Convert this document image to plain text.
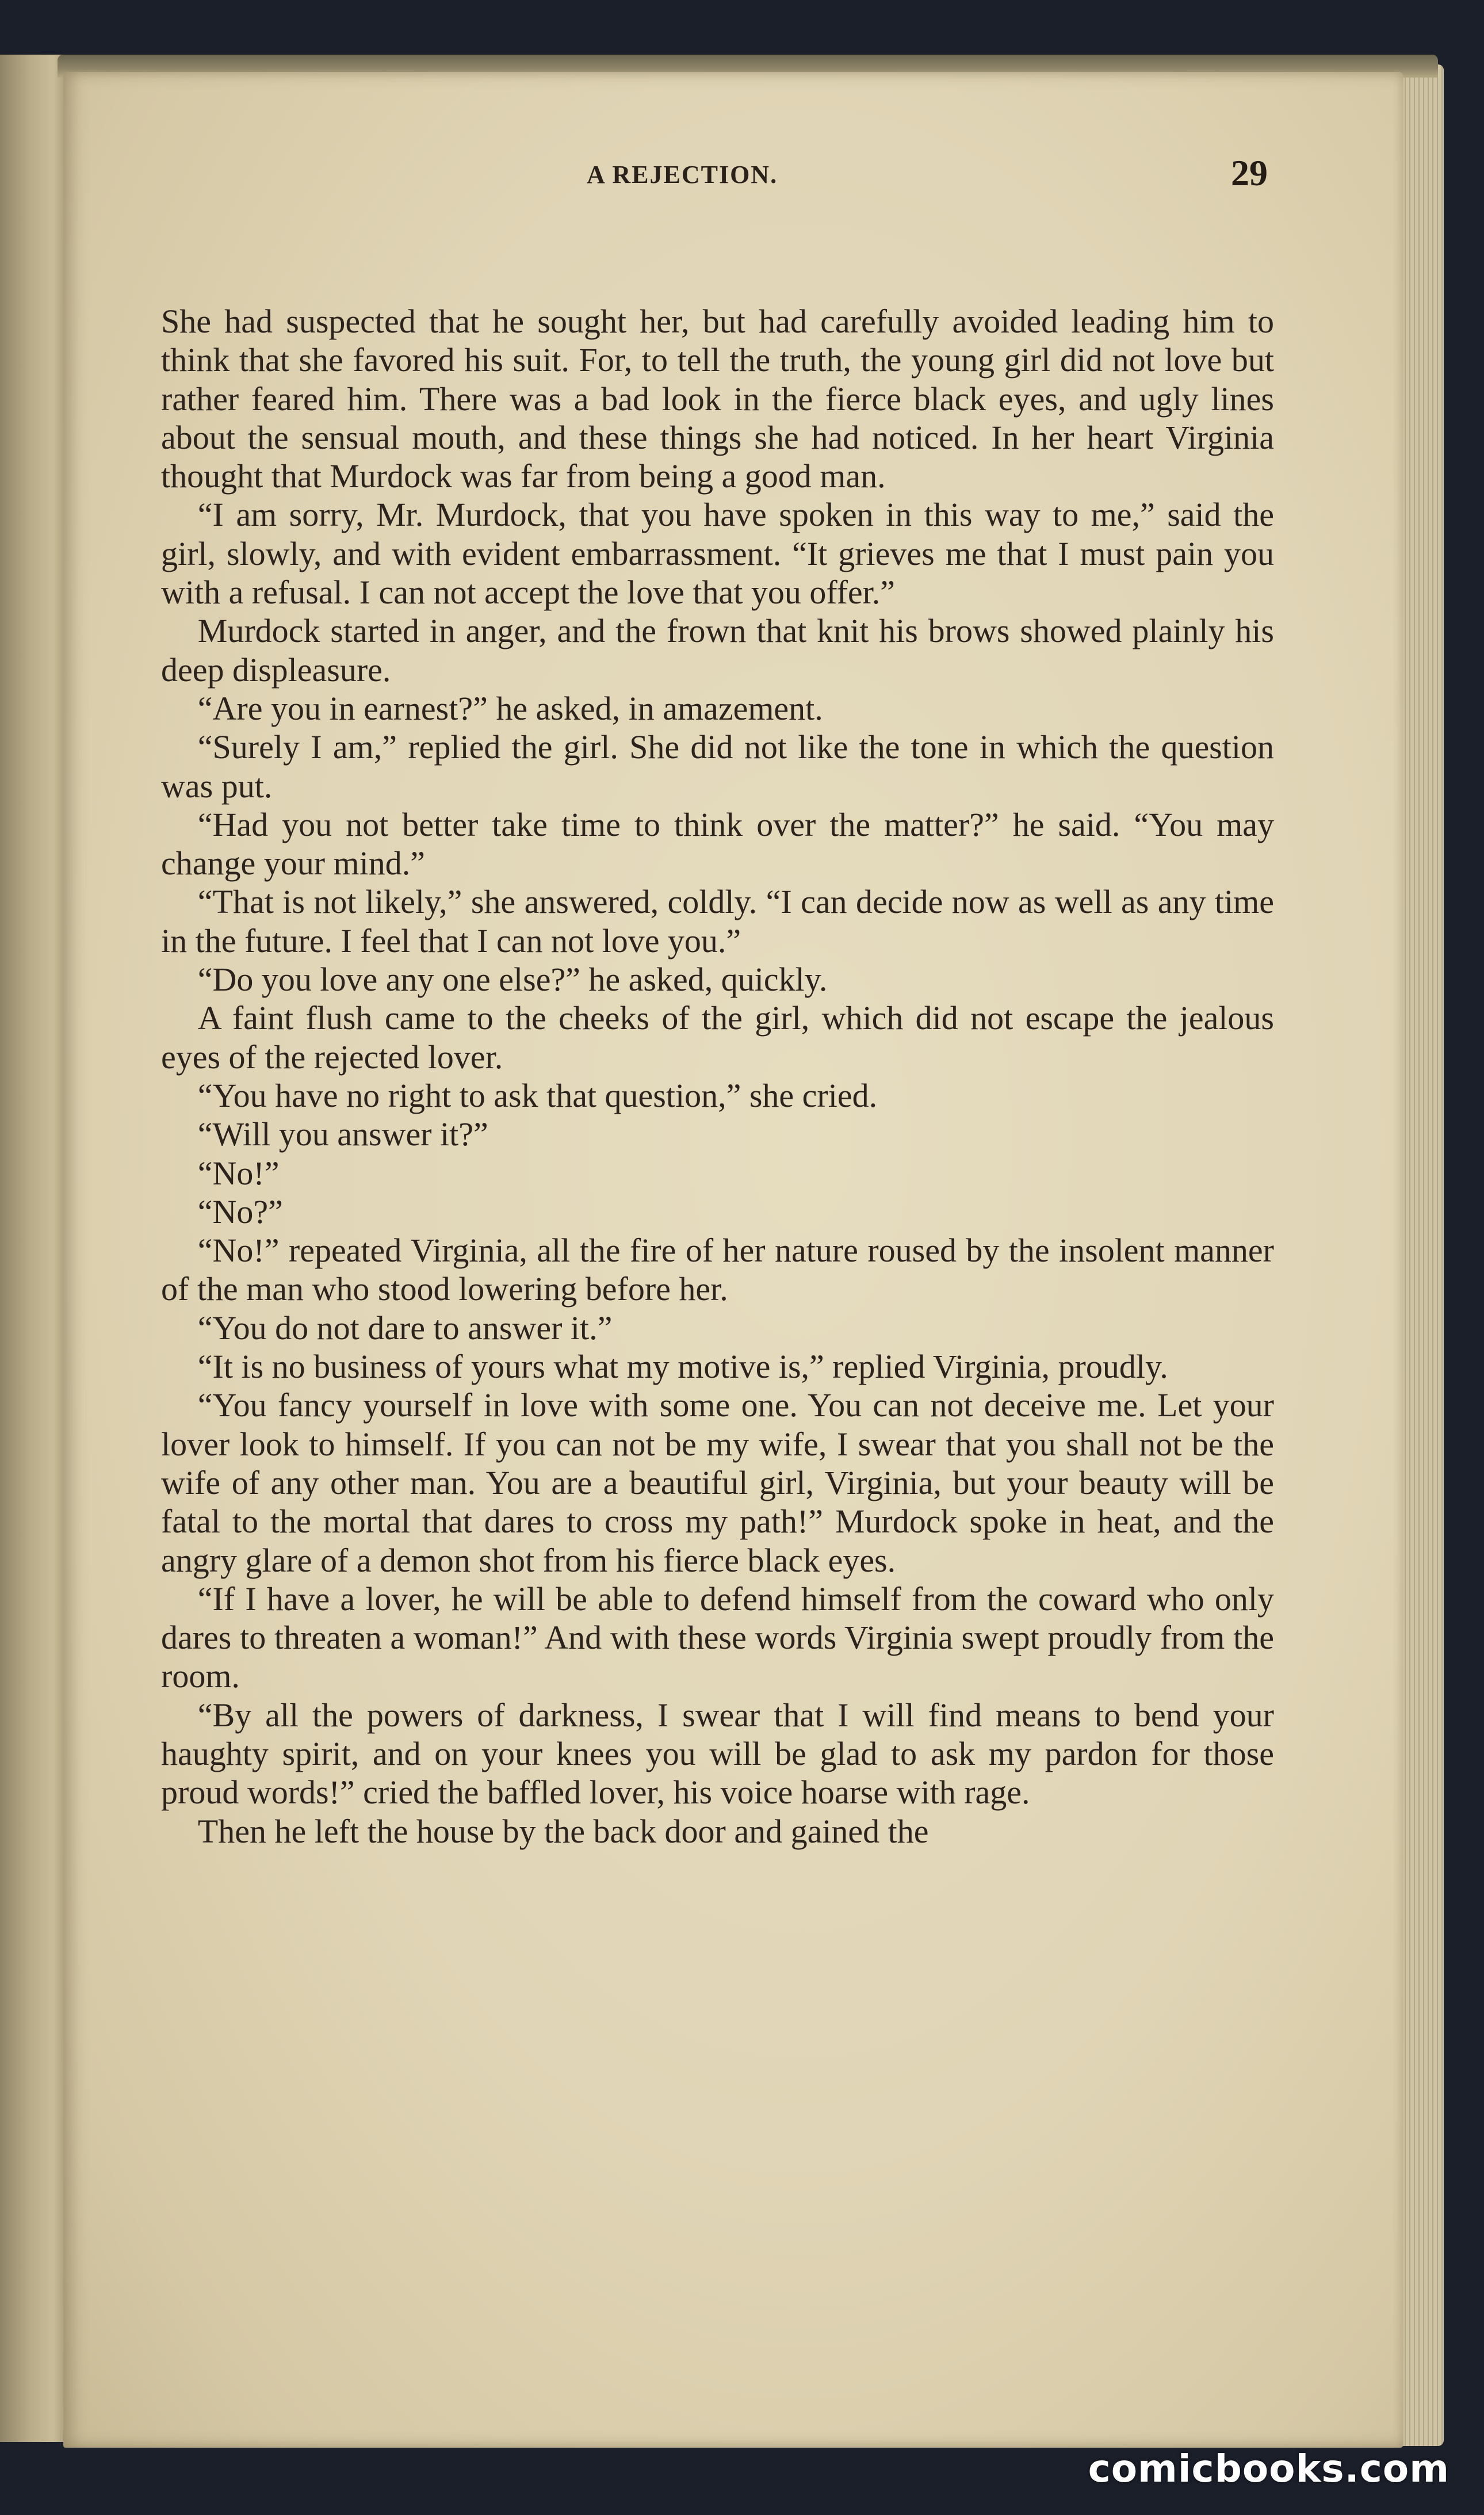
A REJECTION.	29

She had suspected that he sought her, but had carefully avoided leading him to think that she favored his suit. For, to tell the truth, the young girl did not love but rather feared him. There was a bad look in the fierce black eyes, and ugly lines about the sensual mouth, and these things she had noticed. In her heart Virginia thought that Murdock was far from being a good man.

“I am sorry, Mr. Murdock, that you have spoken in this way to me,” said the girl, slowly, and with evident embarrassment. “It grieves me that I must pain you with a refusal. I can not accept the love that you offer.”

Murdock started in anger, and the frown that knit his brows showed plainly his deep displeasure.

“Are you in earnest?” he asked, in amazement.

“Surely I am,” replied the girl. She did not like the tone in which the question was put.

“Had you not better take time to think over the matter?” he said. “You may change your mind.”

“That is not likely,” she answered, coldly. “I can decide now as well as any time in the future. I feel that I can not love you.”

“Do you love any one else?” he asked, quickly.

A faint flush came to the cheeks of the girl, which did not escape the jealous eyes of the rejected lover.

“You have no right to ask that question,” she cried.

“Will you answer it?”

“No!”

“No?”

“No!” repeated Virginia, all the fire of her nature roused by the insolent manner of the man who stood lowering before her.

“You do not dare to answer it.”

“It is no business of yours what my motive is,” replied Virginia, proudly.

“You fancy yourself in love with some one. You can not deceive me. Let your lover look to himself. If you can not be my wife, I swear that you shall not be the wife of any other man. You are a beautiful girl, Virginia, but your beauty will be fatal to the mortal that dares to cross my path!” Murdock spoke in heat, and the angry glare of a demon shot from his fierce black eyes.

“If I have a lover, he will be able to defend himself from the coward who only dares to threaten a woman!” And with these words Virginia swept proudly from the room.

“By all the powers of darkness, I swear that I will find means to bend your haughty spirit, and on your knees you will be glad to ask my pardon for those proud words!” cried the baffled lover, his voice hoarse with rage.

Then he left the house by the back door and gained the

comicbooks.com
